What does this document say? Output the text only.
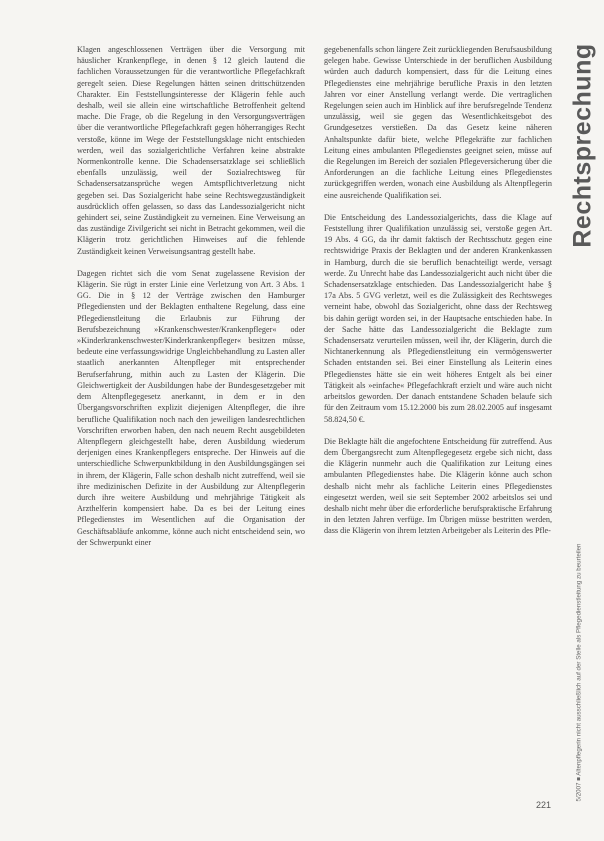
Klagen angeschlossenen Verträgen über die Versorgung mit häuslicher Krankenpflege, in denen § 12 gleich lautend die fachlichen Voraussetzungen für die verantwortliche Pflegefachkraft geregelt seien. Diese Regelungen hätten seinen drittschützenden Charakter. Ein Feststellungsinteresse der Klägerin fehle auch deshalb, weil sie allein eine wirtschaftliche Betroffenheit geltend mache. Die Frage, ob die Regelung in den Versorgungsverträgen über die verantwortliche Pflegefachkraft gegen höherrangiges Recht verstoße, könne im Wege der Feststellungsklage nicht entschieden werden, weil das sozialgerichtliche Verfahren keine abstrakte Normenkontrolle kenne. Die Schadensersatzklage sei schließlich ebenfalls unzulässig, weil der Sozialrechtsweg für Schadensersatzansprüche wegen Amtspflichtverletzung nicht gegeben sei. Das Sozialgericht habe seine Rechtswegzuständigkeit ausdrücklich offen gelassen, so dass das Landessozialgericht nicht gehindert sei, seine Zuständigkeit zu verneinen. Eine Verweisung an das zuständige Zivilgericht sei nicht in Betracht gekommen, weil die Klägerin trotz gerichtlichen Hinweises auf die fehlende Zuständigkeit keinen Verweisungsantrag gestellt habe.

Dagegen richtet sich die vom Senat zugelassene Revision der Klägerin. Sie rügt in erster Linie eine Verletzung von Art. 3 Abs. 1 GG. Die in § 12 der Verträge zwischen den Hamburger Pflegediensten und der Beklagten enthaltene Regelung, dass eine Pflegedienstleitung die Erlaubnis zur Führung der Berufsbezeichnung »Krankenschwester/Krankenpfleger« oder »Kinderkrankenschwester/Kinderkrankenpfleger« besitzen müsse, bedeute eine verfassungswidrige Ungleichbehandlung zu Lasten aller staatlich anerkannten Altenpfleger mit entsprechender Berufserfahrung, mithin auch zu Lasten der Klägerin. Die Gleichwertigkeit der Ausbildungen habe der Bundesgesetzgeber mit dem Altenpflegegesetz anerkannt, in dem er in den Übergangsvorschriften explizit diejenigen Altenpfleger, die ihre berufliche Qualifikation noch nach den jeweiligen landesrechtlichen Vorschriften erworben haben, den nach neuem Recht ausgebildeten Altenpflegern gleichgestellt habe, deren Ausbildung wiederum derjenigen eines Krankenpflegers entspreche. Der Hinweis auf die unterschiedliche Schwerpunktbildung in den Ausbildungsgängen sei in ihrem, der Klägerin, Falle schon deshalb nicht zutreffend, weil sie ihre medizinischen Defizite in der Ausbildung zur Altenpflegerin durch ihre weitere Ausbildung und mehrjährige Tätigkeit als Arzthelferin kompensiert habe. Da es bei der Leitung eines Pflegedienstes im Wesentlichen auf die Organisation der Geschäftsabläufe ankomme, könne auch nicht entscheidend sein, wo der Schwerpunkt einer

gegebenenfalls schon längere Zeit zurückliegenden Berufsausbildung gelegen habe. Gewisse Unterschiede in der beruflichen Ausbildung würden auch dadurch kompensiert, dass für die Leitung eines Pflegedienstes eine mehrjährige berufliche Praxis in den letzten Jahren vor einer Anstellung verlangt werde. Die vertraglichen Regelungen seien auch im Hinblick auf ihre berufsregelnde Tendenz unzulässig, weil sie gegen das Wesentlichkeitsgebot des Grundgesetzes verstießen. Da das Gesetz keine näheren Anhaltspunkte dafür biete, welche Pflegekräfte zur fachlichen Leitung eines ambulanten Pflegedienstes geeignet seien, müsse auf die Regelungen im Bereich der sozialen Pflegeversicherung über die Anforderungen an die fachliche Leitung eines Pflegedienstes zurückgegriffen werden, wonach eine Ausbildung als Altenpflegerin eine ausreichende Qualifikation sei.

Die Entscheidung des Landessozialgerichts, dass die Klage auf Feststellung ihrer Qualifikation unzulässig sei, verstoße gegen Art. 19 Abs. 4 GG, da ihr damit faktisch der Rechtsschutz gegen eine rechtswidrige Praxis der Beklagten und der anderen Krankenkassen in Hamburg, durch die sie beruflich benachteiligt werde, versagt werde. Zu Unrecht habe das Landessozialgericht auch nicht über die Schadensersatzklage entschieden. Das Landessozialgericht habe § 17a Abs. 5 GVG verletzt, weil es die Zulässigkeit des Rechtsweges verneint habe, obwohl das Sozialgericht, ohne dass der Rechtsweg bis dahin gerügt worden sei, in der Hauptsache entschieden habe. In der Sache hätte das Landessozialgericht die Beklagte zum Schadensersatz verurteilen müssen, weil ihr, der Klägerin, durch die Nichtanerkennung als Pflegedienstleitung ein vermögenswerter Schaden entstanden sei. Bei einer Einstellung als Leiterin eines Pflegedienstes hätte sie ein weit höheres Entgelt als bei einer Tätigkeit als »einfache« Pflegefachkraft erzielt und wäre auch nicht arbeitslos geworden. Der danach entstandene Schaden belaufe sich für den Zeitraum vom 15.12.2000 bis zum 28.02.2005 auf insgesamt 58.824,50 €.

Die Beklagte hält die angefochtene Entscheidung für zutreffend. Aus dem Übergangsrecht zum Altenpflegegesetz ergebe sich nicht, dass die Klägerin nunmehr auch die Qualifikation zur Leitung eines ambulanten Pflegedienstes habe. Die Klägerin könne auch schon deshalb nicht mehr als fachliche Leiterin eines Pflegedienstes eingesetzt werden, weil sie seit September 2002 arbeitslos sei und deshalb nicht mehr über die erforderliche berufspraktische Erfahrung in den letzten Jahren verfüge. Im Übrigen müsse bestritten werden, dass die Klägerin von ihrem letzten Arbeitgeber als Leiterin des Pfle-

Rechtsprechung
5/2007 ■ Altenpflegerin nicht ausschließlich auf der Stelle als Pflegedienstleitung zu beurteilen
221
